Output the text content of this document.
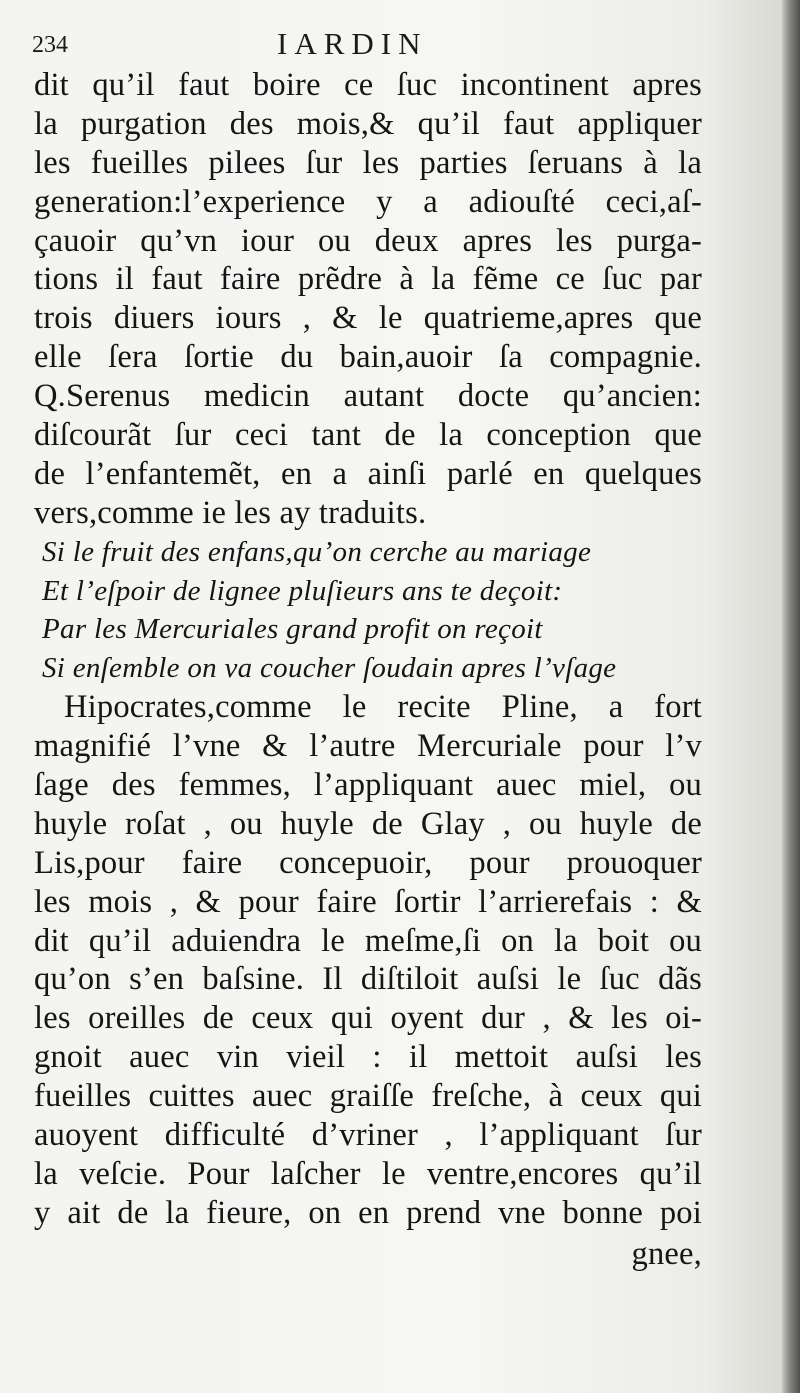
234	IARDIN
dit qu’il faut boire ce ſuc incontinent apres
la purgation des mois,& qu’il faut appliquer
les fueilles pilees ſur les parties ſeruans à la
generation:l’experience y a adiouſté ceci,aſ-
çauoir qu’vn iour ou deux apres les purga-
tions il faut faire prẽdre à la fẽme ce ſuc par
trois diuers iours , & le quatrieme,apres que
elle ſera ſortie du bain,auoir ſa compagnie.
Q.Serenus medicin autant docte qu’ancien:
diſcourãt ſur ceci tant de la conception que
de l’enfantemẽt, en a ainſi parlé en quelques
vers,comme ie les ay traduits.
Si le fruit des enfans,qu’on cerche au mariage
Et l’eſpoir de lignee pluſieurs ans te deçoit:
Par les Mercuriales grand profit on reçoit
Si enſemble on va coucher ſoudain apres l’vſage
Hipocrates,comme le recite Pline, a fort
magnifié l’vne & l’autre Mercuriale pour l’v
ſage des femmes, l’appliquant auec miel, ou
huyle roſat , ou huyle de Glay , ou huyle de
Lis,pour faire concepuoir, pour prouoquer
les mois , & pour faire ſortir l’arrierefais : &
dit qu’il aduiendra le meſme,ſi on la boit ou
qu’on s’en baſsine. Il diſtiloit auſsi le ſuc dãs
les oreilles de ceux qui oyent dur , & les oi-
gnoit auec vin vieil : il mettoit auſsi les
fueilles cuittes auec graiſſe freſche, à ceux qui
auoyent difficulté d’vriner , l’appliquant ſur
la veſcie. Pour laſcher le ventre,encores qu’il
y ait de la fieure, on en prend vne bonne poi
gnee,
